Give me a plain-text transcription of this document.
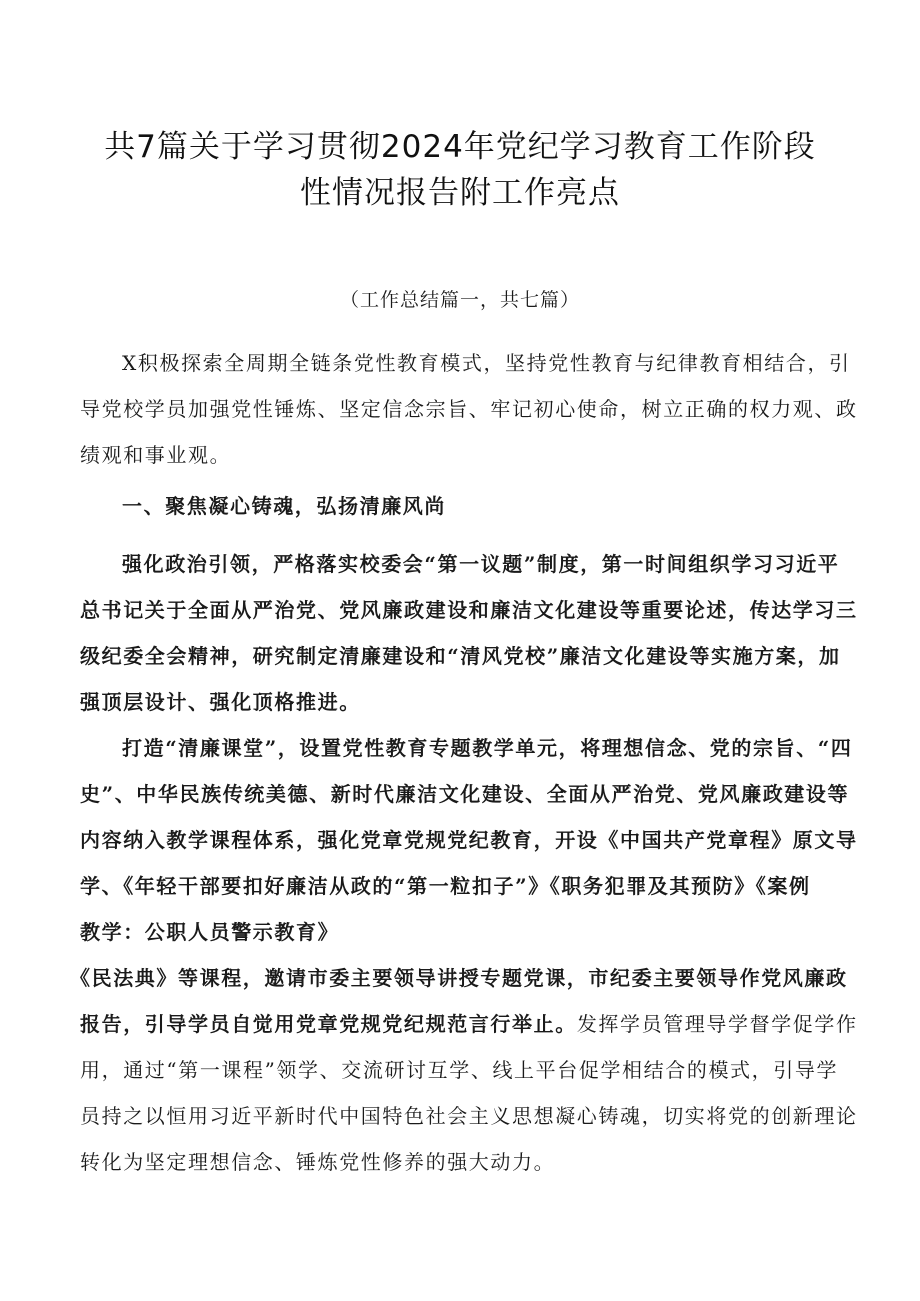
共7篇关于学习贯彻2024年党纪学习教育工作阶段
性情况报告附工作亮点
（工作总结篇一，共七篇）
X积极探索全周期全链条党性教育模式，坚持党性教育与纪律教育相结合，引
导党校学员加强党性锤炼、坚定信念宗旨、牢记初心使命，树立正确的权力观、政
绩观和事业观。
一、聚焦凝心铸魂，弘扬清廉风尚
强化政治引领，严格落实校委会“第一议题”制度，第一时间组织学习习近平
总书记关于全面从严治党、党风廉政建设和廉洁文化建设等重要论述，传达学习三
级纪委全会精神，研究制定清廉建设和“清风党校”廉洁文化建设等实施方案，加
强顶层设计、强化顶格推进。
打造“清廉课堂”，设置党性教育专题教学单元，将理想信念、党的宗旨、“四
史”、中华民族传统美德、新时代廉洁文化建设、全面从严治党、党风廉政建设等
内容纳入教学课程体系，强化党章党规党纪教育，开设《中国共产党章程》原文导
学、《年轻干部要扣好廉洁从政的“第一粒扣子”》《职务犯罪及其预防》《案例
教学：公职人员警示教育》
《民法典》等课程，邀请市委主要领导讲授专题党课，市纪委主要领导作党风廉政
报告，引导学员自觉用党章党规党纪规范言行举止。发挥学员管理导学督学促学作
用，通过“第一课程”领学、交流研讨互学、线上平台促学相结合的模式，引导学
员持之以恒用习近平新时代中国特色社会主义思想凝心铸魂，切实将党的创新理论
转化为坚定理想信念、锤炼党性修养的强大动力。
